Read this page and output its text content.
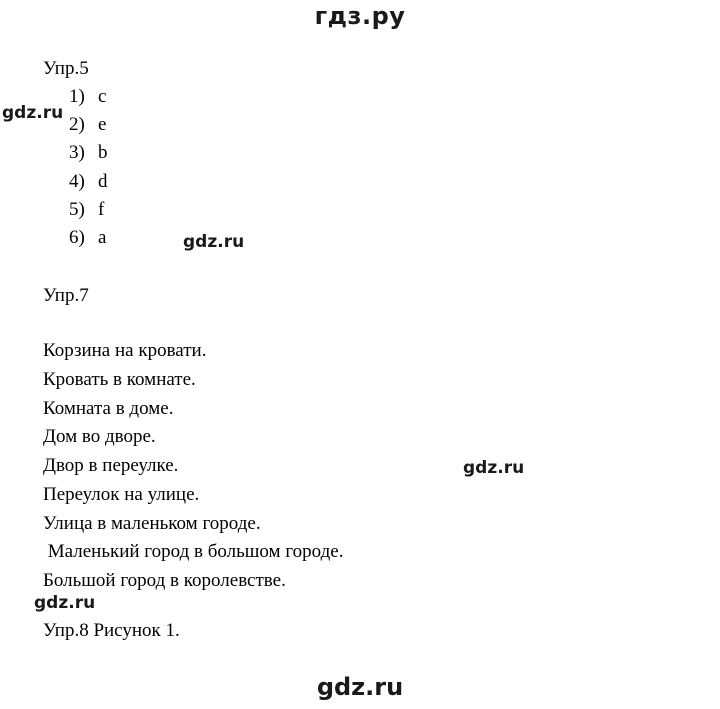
гдз.ру
gdz.ru
gdz.ru
gdz.ru
gdz.ru
Упр.5
1) c
2) e
3) b
4) d
5) f
6) a
Упр.7
Корзина на кровати.
Кровать в комнате.
Комната в доме.
Дом во дворе.
Двор в переулке.
Переулок на улице.
Улица в маленьком городе.
Маленький город в большом городе.
Большой город в королевстве.
Упр.8 Рисунок 1.
gdz.ru
